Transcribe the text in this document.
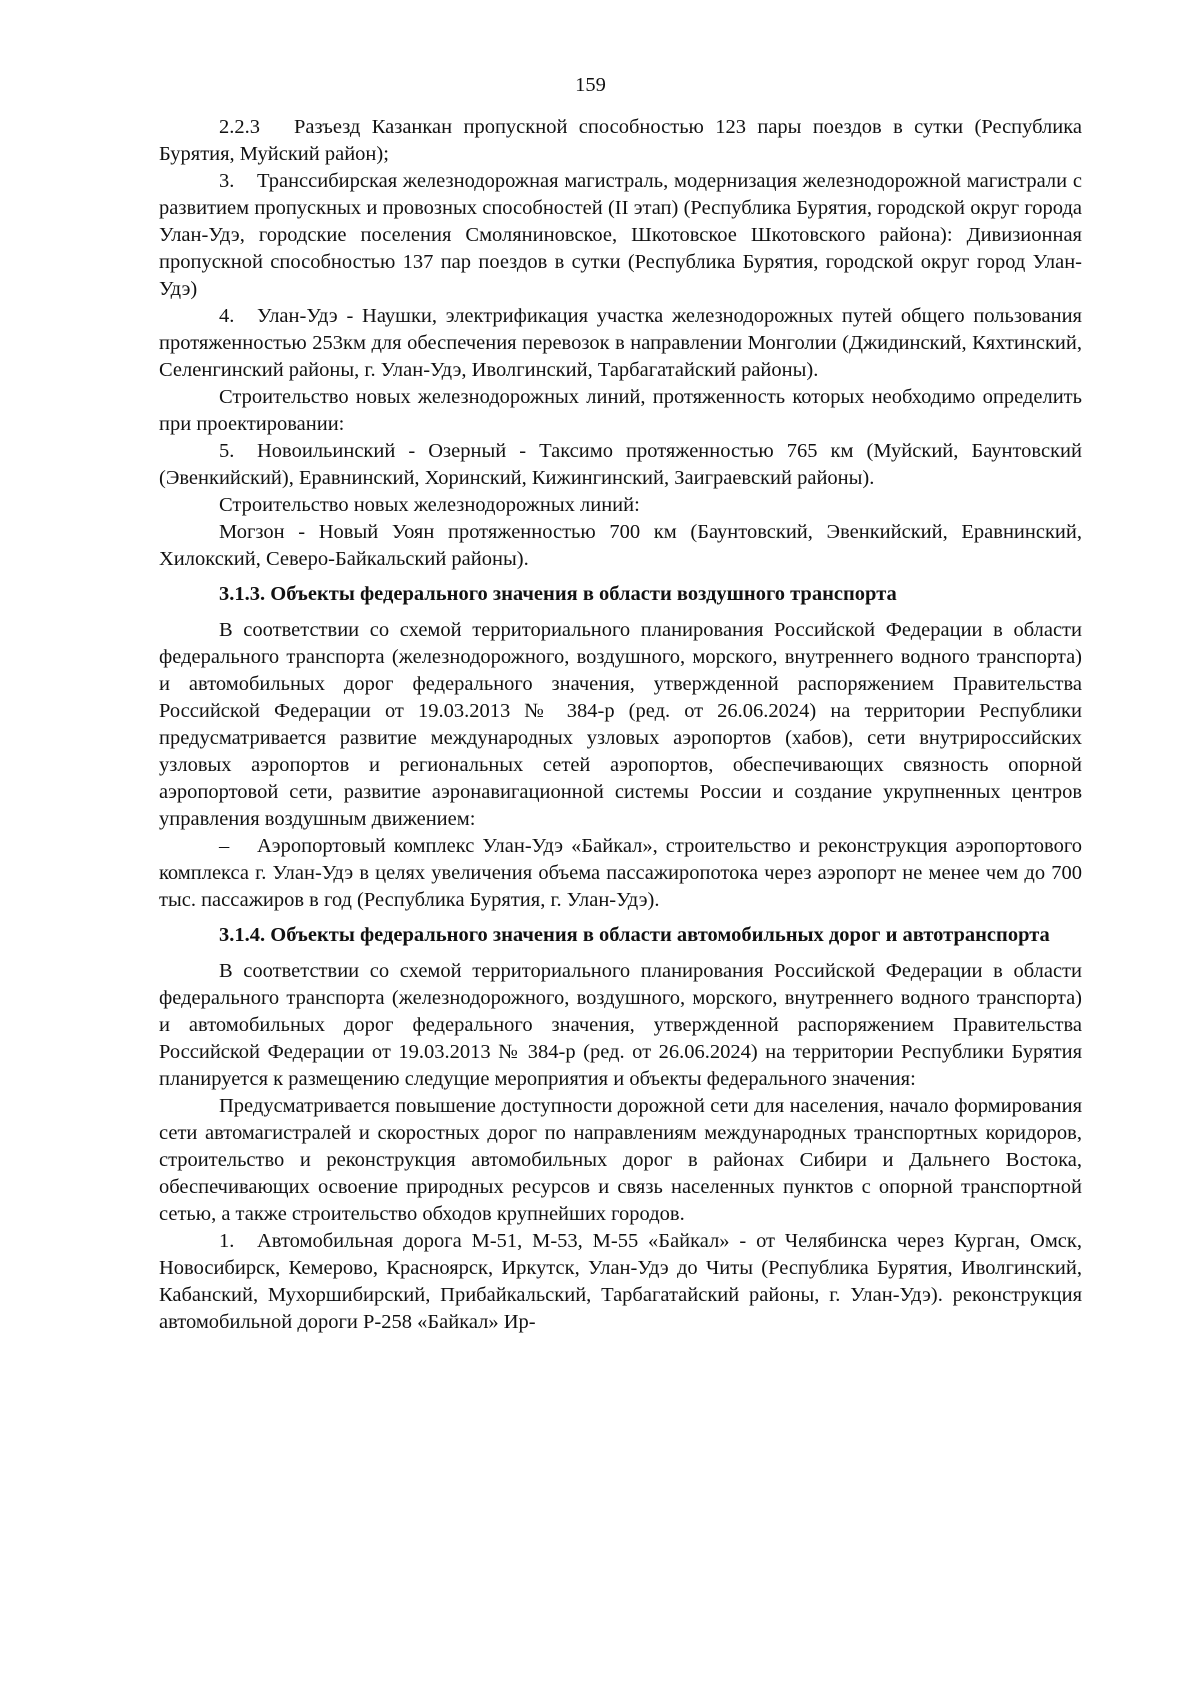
159

2.2.3 Разъезд Казанкан пропускной способностью 123 пары поездов в сутки (Республика Бурятия, Муйский район);

3. Транссибирская железнодорожная магистраль, модернизация железнодорожной магистрали с развитием пропускных и провозных способностей (II этап) (Республика Бурятия, городской округ города Улан-Удэ, городские поселения Смоляниновское, Шкотовское Шкотовского района): Дивизионная пропускной способностью 137 пар поездов в сутки (Республика Бурятия, городской округ город Улан-Удэ)

4. Улан-Удэ - Наушки, электрификация участка железнодорожных путей общего пользования протяженностью 253км для обеспечения перевозок в направлении Монголии (Джидинский, Кяхтинский, Селенгинский районы, г. Улан-Удэ, Иволгинский, Тарбагатайский районы).

Строительство новых железнодорожных линий, протяженность которых необходимо определить при проектировании:

5. Новоильинский - Озерный - Таксимо протяженностью 765 км (Муйский, Баунтовский (Эвенкийский), Еравнинский, Хоринский, Кижингинский, Заиграевский районы).

Строительство новых железнодорожных линий:

Могзон - Новый Уоян протяженностью 700 км (Баунтовский, Эвенкийский, Еравнинский, Хилокский, Северо-Байкальский районы).

3.1.3. Объекты федерального значения в области воздушного транспорта

В соответствии со схемой территориального планирования Российской Федерации в области федерального транспорта (железнодорожного, воздушного, морского, внутреннего водного транспорта) и автомобильных дорог федерального значения, утвержденной распоряжением Правительства Российской Федерации от 19.03.2013 № 384-р (ред. от 26.06.2024) на территории Республики предусматривается развитие международных узловых аэропортов (хабов), сети внутрироссийских узловых аэропортов и региональных сетей аэропортов, обеспечивающих связность опорной аэропортовой сети, развитие аэронавигационной системы России и создание укрупненных центров управления воздушным движением:

– Аэропортовый комплекс Улан-Удэ «Байкал», строительство и реконструкция аэропортового комплекса г. Улан-Удэ в целях увеличения объема пассажиропотока через аэропорт не менее чем до 700 тыс. пассажиров в год (Республика Бурятия, г. Улан-Удэ).

3.1.4. Объекты федерального значения в области автомобильных дорог и автотранспорта

В соответствии со схемой территориального планирования Российской Федерации в области федерального транспорта (железнодорожного, воздушного, морского, внутреннего водного транспорта) и автомобильных дорог федерального значения, утвержденной распоряжением Правительства Российской Федерации от 19.03.2013 № 384-р (ред. от 26.06.2024) на территории Республики Бурятия планируется к размещению следущие мероприятия и объекты федерального значения:

Предусматривается повышение доступности дорожной сети для населения, начало формирования сети автомагистралей и скоростных дорог по направлениям международных транспортных коридоров, строительство и реконструкция автомобильных дорог в районах Сибири и Дальнего Востока, обеспечивающих освоение природных ресурсов и связь населенных пунктов с опорной транспортной сетью, а также строительство обходов крупнейших городов.

1. Автомобильная дорога М-51, М-53, М-55 «Байкал» - от Челябинска через Курган, Омск, Новосибирск, Кемерово, Красноярск, Иркутск, Улан-Удэ до Читы (Республика Бурятия, Иволгинский, Кабанский, Мухоршибирский, Прибайкальский, Тарбагатайский районы, г. Улан-Удэ). реконструкция автомобильной дороги Р-258 «Байкал» Ир-
